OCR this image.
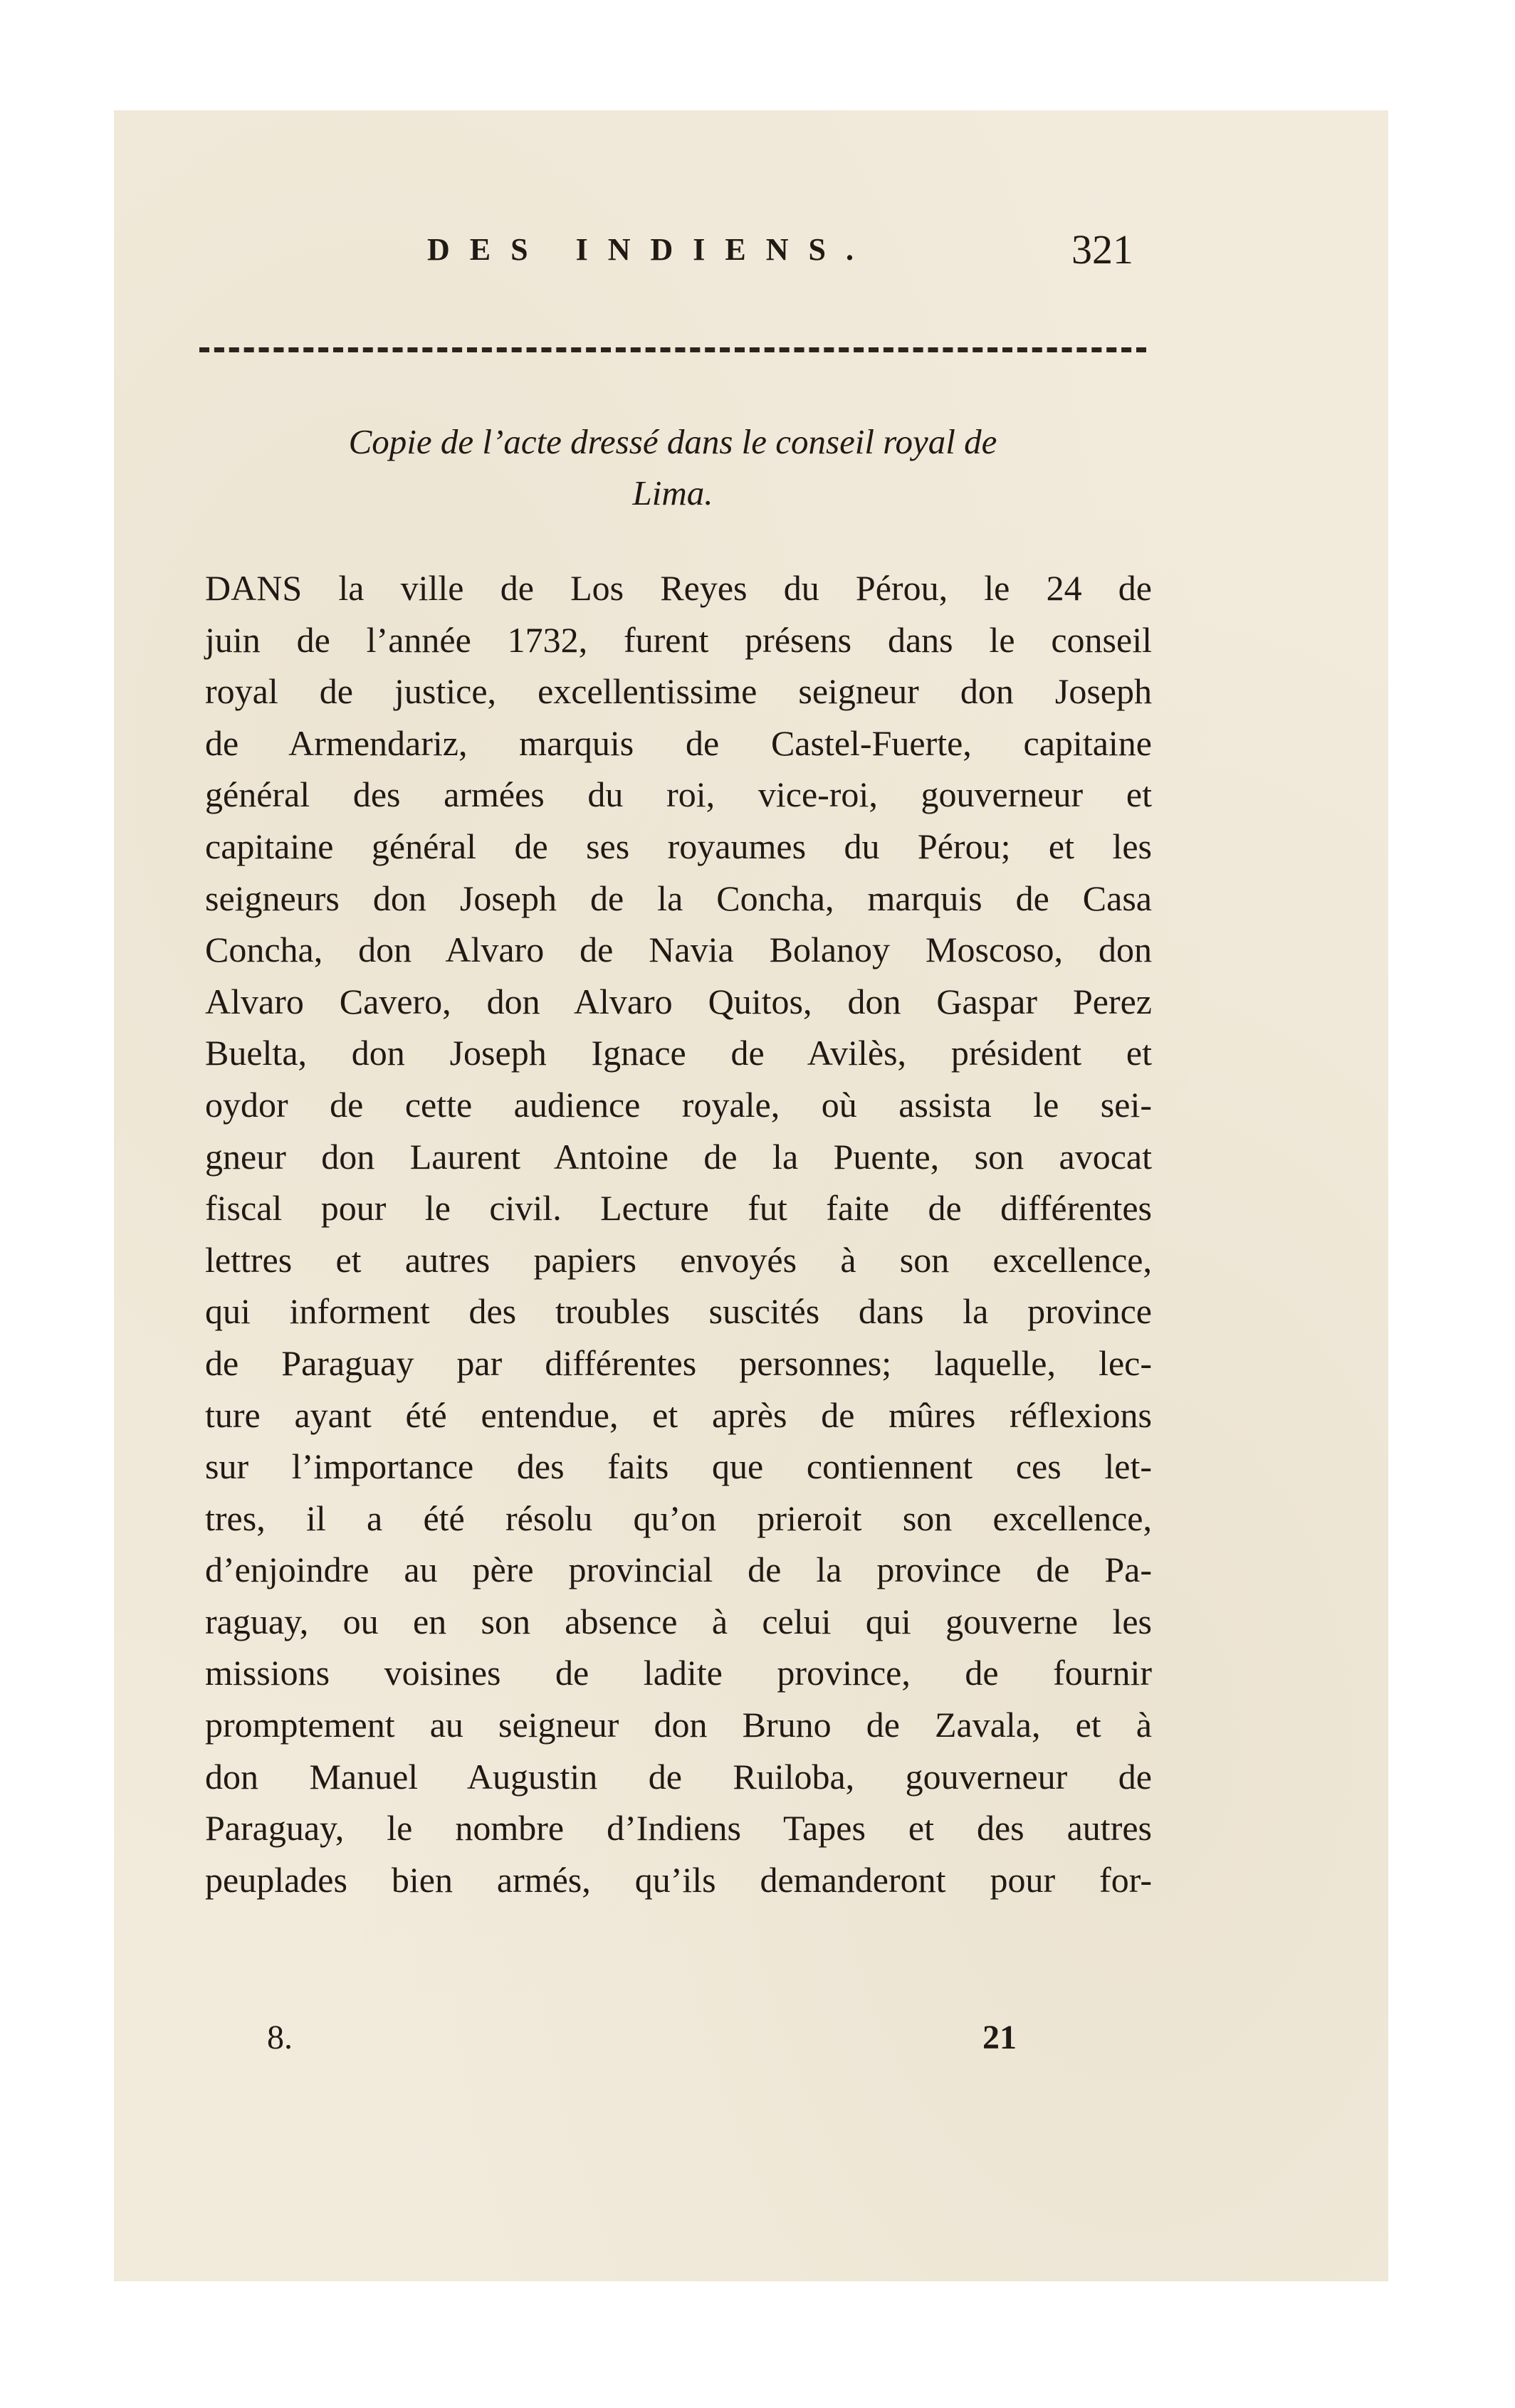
DES INDIENS.	321
Copie de l’acte dressé dans le conseil royal de
Lima.
DANS la ville de Los Reyes du Pérou, le 24 de
juin de l’année 1732, furent présens dans le conseil
royal de justice, excellentissime seigneur don Joseph
de Armendariz, marquis de Castel-Fuerte, capitaine
général des armées du roi, vice-roi, gouverneur et
capitaine général de ses royaumes du Pérou; et les
seigneurs don Joseph de la Concha, marquis de Casa
Concha, don Alvaro de Navia Bolanoy Moscoso, don
Alvaro Cavero, don Alvaro Quitos, don Gaspar Perez
Buelta, don Joseph Ignace de Avilès, président et
oydor de cette audience royale, où assista le sei-
gneur don Laurent Antoine de la Puente, son avocat
fiscal pour le civil. Lecture fut faite de différentes
lettres et autres papiers envoyés à son excellence,
qui informent des troubles suscités dans la province
de Paraguay par différentes personnes; laquelle, lec-
ture ayant été entendue, et après de mûres réflexions
sur l’importance des faits que contiennent ces let-
tres, il a été résolu qu’on prieroit son excellence,
d’enjoindre au père provincial de la province de Pa-
raguay, ou en son absence à celui qui gouverne les
missions voisines de ladite province, de fournir
promptement au seigneur don Bruno de Zavala, et à
don Manuel Augustin de Ruiloba, gouverneur de
Paraguay, le nombre d’Indiens Tapes et des autres
peuplades bien armés, qu’ils demanderont pour for-
8.	21
